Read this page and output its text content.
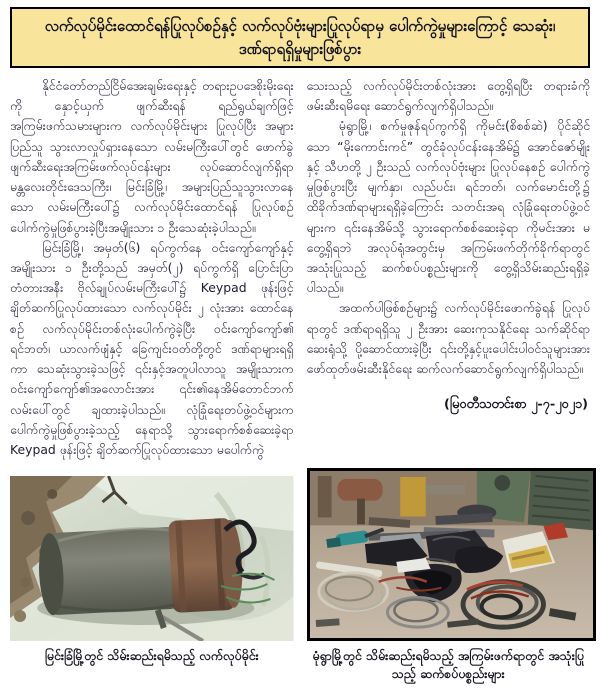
လက်လုပ်မိုင်းထောင်ရန်ပြုလုပ်စဉ်နှင့် လက်လုပ်ဗုံးများပြုလုပ်ရာမှ ပေါက်ကွဲမှုများကြောင့် သေဆုံး၊ ဒဏ်ရာရရှိမှုများဖြစ်ပွား

နိုင်ငံတော်တည်ငြိမ်အေးချမ်းရေးနှင့် တရားဥပဒေစိုးမိုးရေးကို နှောင့်ယှက် ဖျက်ဆီးရန် ရည်ရွယ်ချက်ဖြင့် အကြမ်းဖက်သမားများက လက်လုပ်မိုင်းများ ပြုလုပ်ပြီး အများပြည်သူ သွားလာလှုပ်ရှားနေသော လမ်းမကြီးပေါ်တွင် ဖောက်ခွဲဖျက်ဆီးရေးအကြမ်းဖက်လုပ်ငန်းများ လုပ်ဆောင်လျက်ရှိရာ မန္တလေးတိုင်းဒေသကြီး၊ မြင်းခြံမြို့၊ အများပြည်သူသွားလာနေသော လမ်းမကြီးပေါ်၌ လက်လုပ်မိုင်းထောင်ရန် ပြုလုပ်စဉ် ပေါက်ကွဲမှုဖြစ်ပွားခဲ့ပြီးအမျိုးသား ၁ ဦးသေဆုံးခဲ့ပါသည်။

မြင်းခြံမြို့၊ အမှတ်(၆) ရပ်ကွက်နေ ဝင်းကျော်ကျော်နှင့် အမျိုးသား ၁ ဦးတို့သည် အမှတ်(၂) ရပ်ကွက်ရှိ ပြောင်းပြာတံတားအနီး ဗိုလ်ချုပ်လမ်းမကြီးပေါ်၌ Keypad ဖုန်းဖြင့် ချိတ်ဆက်ပြုလုပ်ထားသော လက်လုပ်မိုင်း ၂ လုံးအား ထောင်နေစဉ် လက်လုပ်မိုင်းတစ်လုံးပေါက်ကွဲခဲ့ပြီး ဝင်းကျော်ကျော်၏ ရင်ဘတ်၊ ယာလက်ဖျံနှင့် ခြေကျင်းဝတ်တို့တွင် ဒဏ်ရာများရရှိကာ သေဆုံးသွားခဲ့သဖြင့် ၎င်းနှင့်အတူပါလာသူ အမျိုးသားက ဝင်းကျော်ကျော်၏အလောင်းအား ၎င်း၏နေအိမ်တောင်ဘက် လမ်းပေါ်တွင် ချထားခဲ့ပါသည်။ လုံခြုံရေးတပ်ဖွဲ့ဝင်များက ပေါက်ကွဲမှုဖြစ်ပွားခဲ့သည့် နေရာသို့ သွားရောက်စစ်ဆေးခဲ့ရာ Keypad ဖုန်းဖြင့် ချိတ်ဆက်ပြုလုပ်ထားသော မပေါက်ကွဲ

သေးသည့် လက်လုပ်မိုင်းတစ်လုံးအား တွေ့ရှိရပြီး တရားခံကို ဖမ်းဆီးရမိရေး ဆောင်ရွက်လျက်ရှိပါသည်။

မုံရွာမြို့၊ စက်မှုဇုန်ရပ်ကွက်ရှိ ကိုမင်း(စိစစ်ဆဲ) ပိုင်ဆိုင်သော “မိုးကောင်းကင်” တွင်ခုံလုပ်ငန်းနေအိမ်၌ အောင်ဇော်မျိုးနှင့် သီဟတို့ ၂ ဦးသည် လက်လုပ်ဗုံးများ ပြုလုပ်နေစဉ် ပေါက်ကွဲမှုဖြစ်ပွားပြီး မျက်နှာ၊ လည်ပင်း၊ ရင်ဘတ်၊ လက်မောင်းတို့၌ ထိခိုက်ဒဏ်ရာများရရှိခဲ့ကြောင်း သတင်းအရ လုံခြုံရေးတပ်ဖွဲ့ဝင်များက ၎င်းနေအိမ်သို့ သွားရောက်စစ်ဆေးခဲ့ရာ ကိုမင်းအား မတွေ့ရှိရဘဲ အလုပ်ရုံအတွင်းမှ အကြမ်းဖက်တိုက်ခိုက်ရာတွင် အသုံးပြုသည့် ဆက်စပ်ပစ္စည်းများကို တွေ့ရှိသိမ်းဆည်းရရှိခဲ့ပါသည်။

အထက်ပါဖြစ်စဉ်များ၌ လက်လုပ်မိုင်းဖောက်ခွဲရန် ပြုလုပ်ရာတွင် ဒဏ်ရာရရှိသူ ၂ ဦးအား ဆေးကုသနိုင်ရေး သက်ဆိုင်ရာဆေးရုံသို့ ပို့ဆောင်ထားခဲ့ပြီး ၎င်းတို့နှင့်ပူးပေါင်းပါဝင်သူများအား ဖော်ထုတ်ဖမ်းဆီးနိုင်ရေး ဆက်လက်ဆောင်ရွက်လျက်ရှိပါသည်။

(မြဝတီသတင်းစာ ၂-၇-၂၀၂၁)
မြင်းခြံမြို့တွင် သိမ်းဆည်းရမိသည့် လက်လုပ်မိုင်း	မုံရွာမြို့တွင် သိမ်းဆည်းရမိသည့် အကြမ်းဖက်ရာတွင် အသုံးပြုသည့် ဆက်စပ်ပစ္စည်းများ
